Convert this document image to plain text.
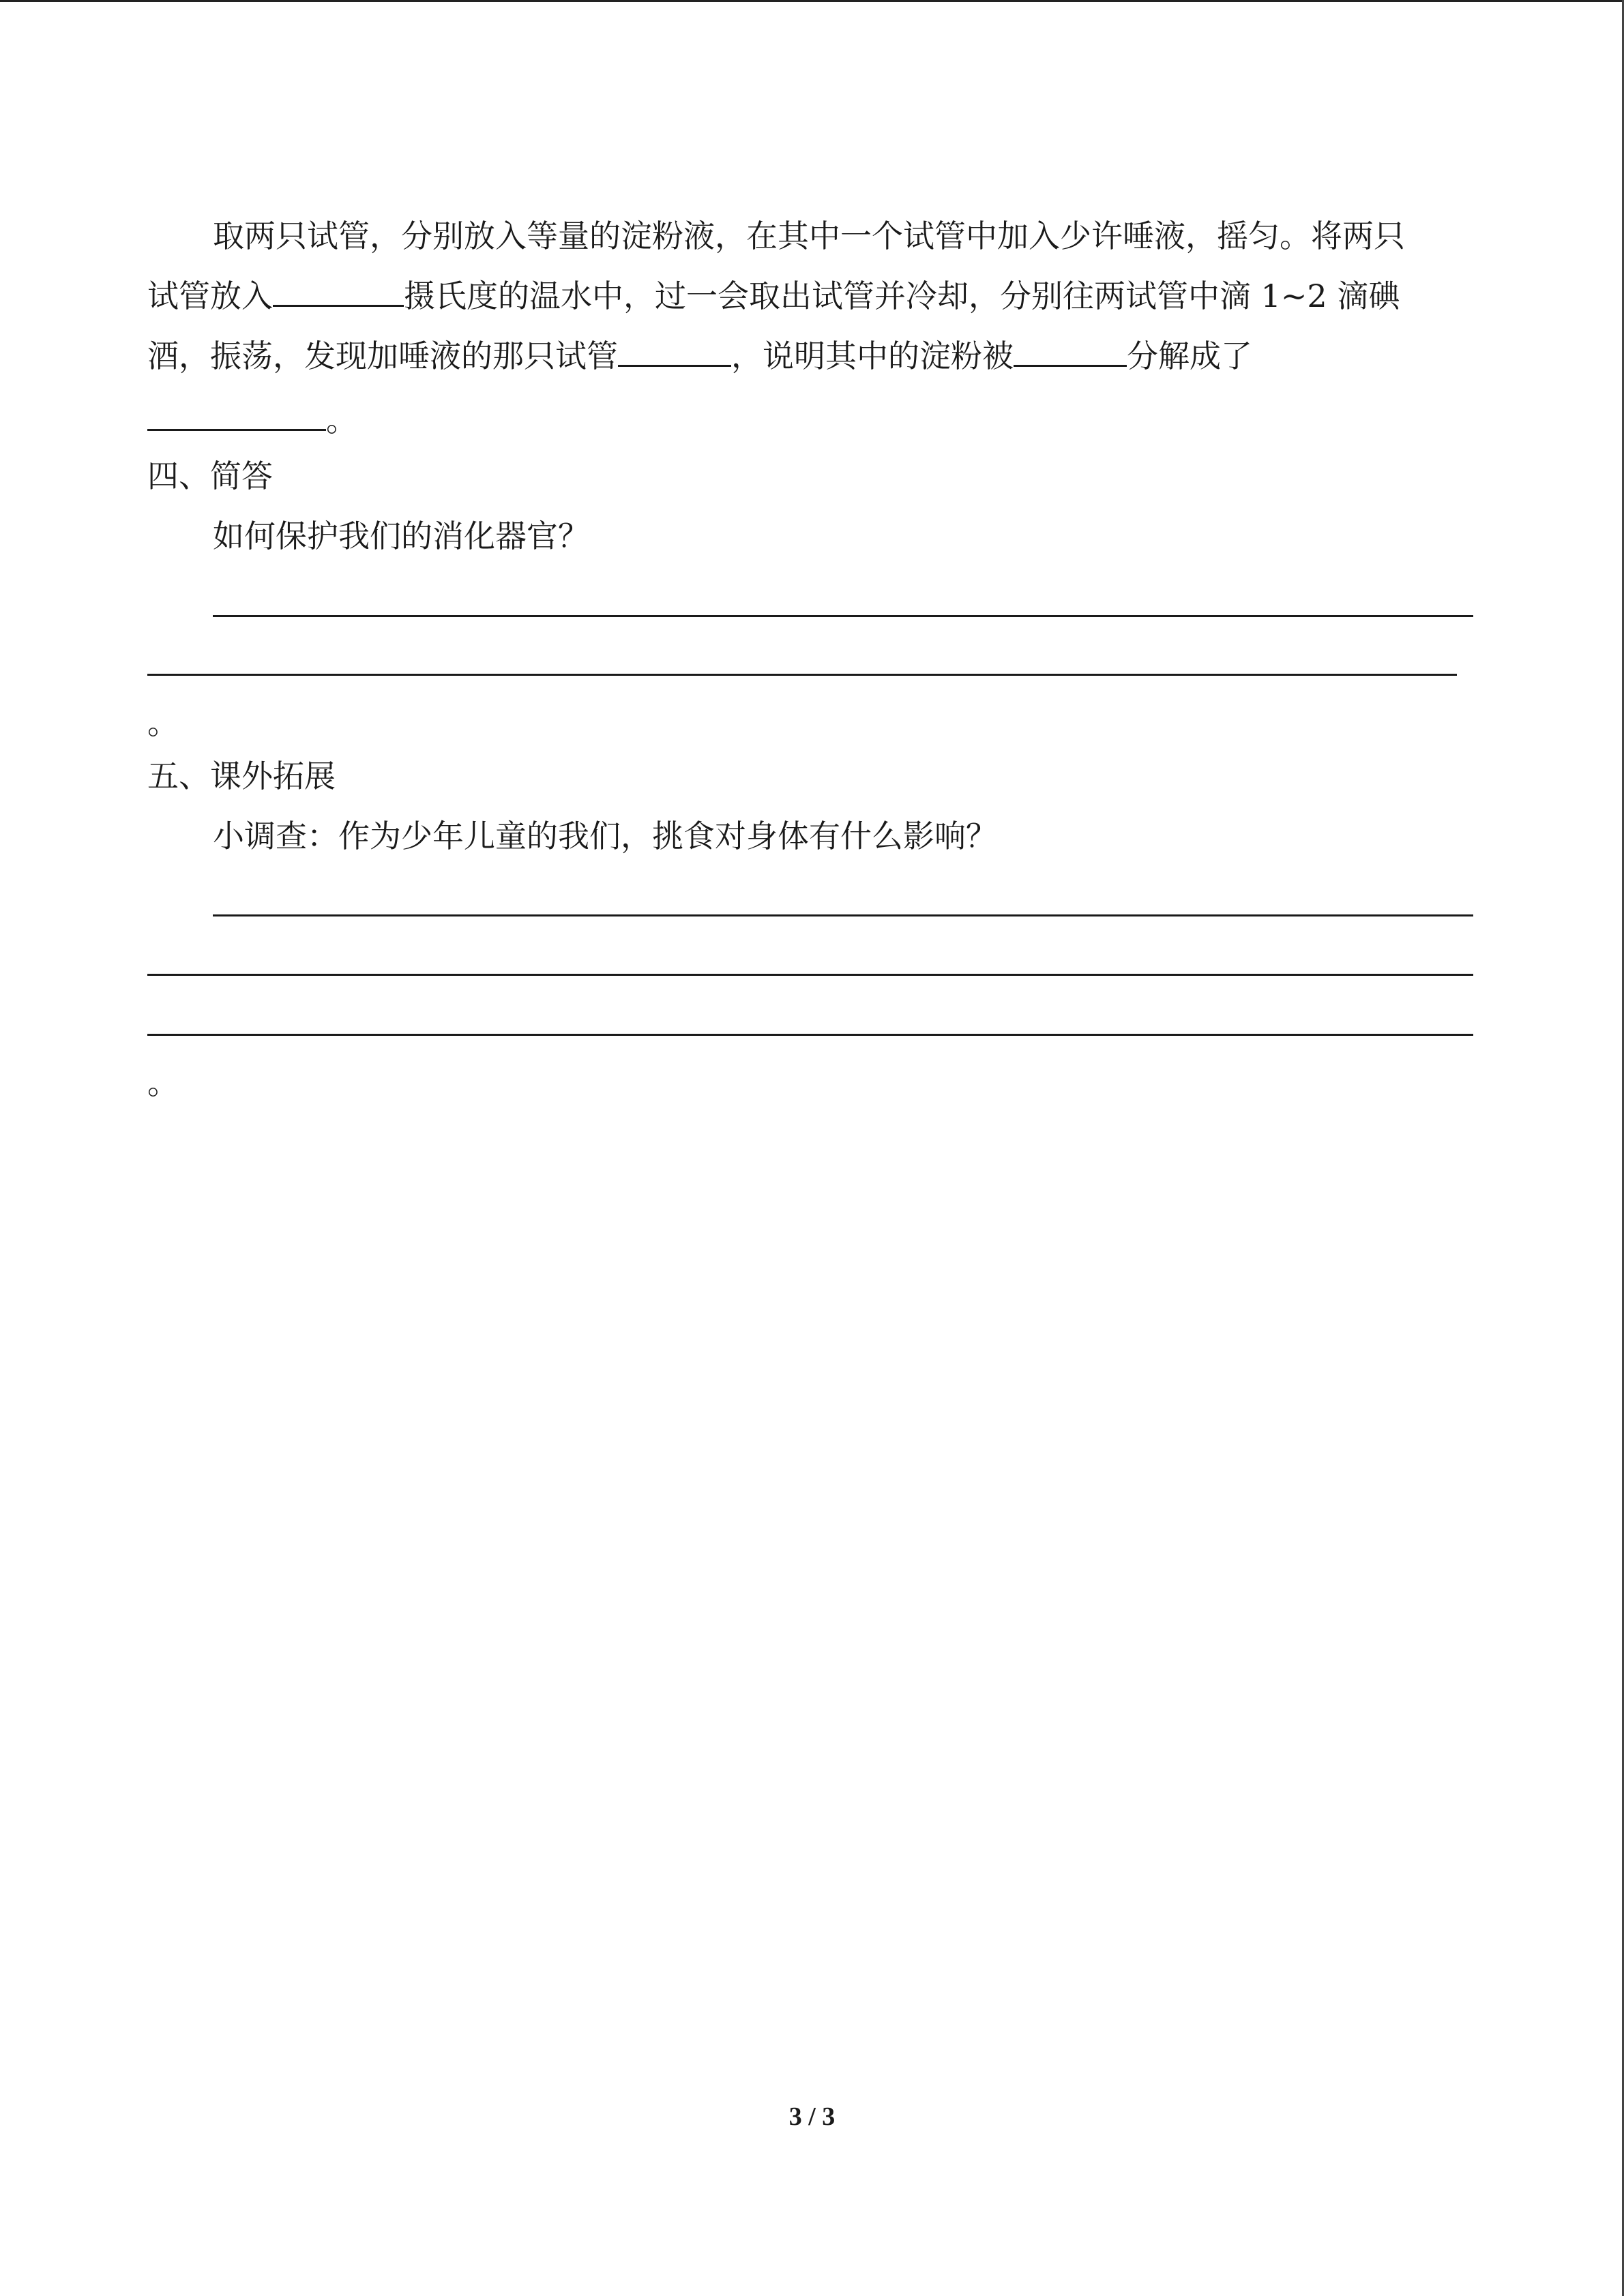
取两只试管，分别放入等量的淀粉液，在其中一个试管中加入少许唾液，摇匀。将两只
试管放入	摄氏度的温水中，过一会取出试管并冷却，分别往两试管中滴 1~2 滴碘
酒，振荡，发现加唾液的那只试管	，说明其中的淀粉被	分解成了
。
四、简答
如何保护我们的消化器官？
。
五、课外拓展
小调查：作为少年儿童的我们，挑食对身体有什么影响？
。
3 / 3
